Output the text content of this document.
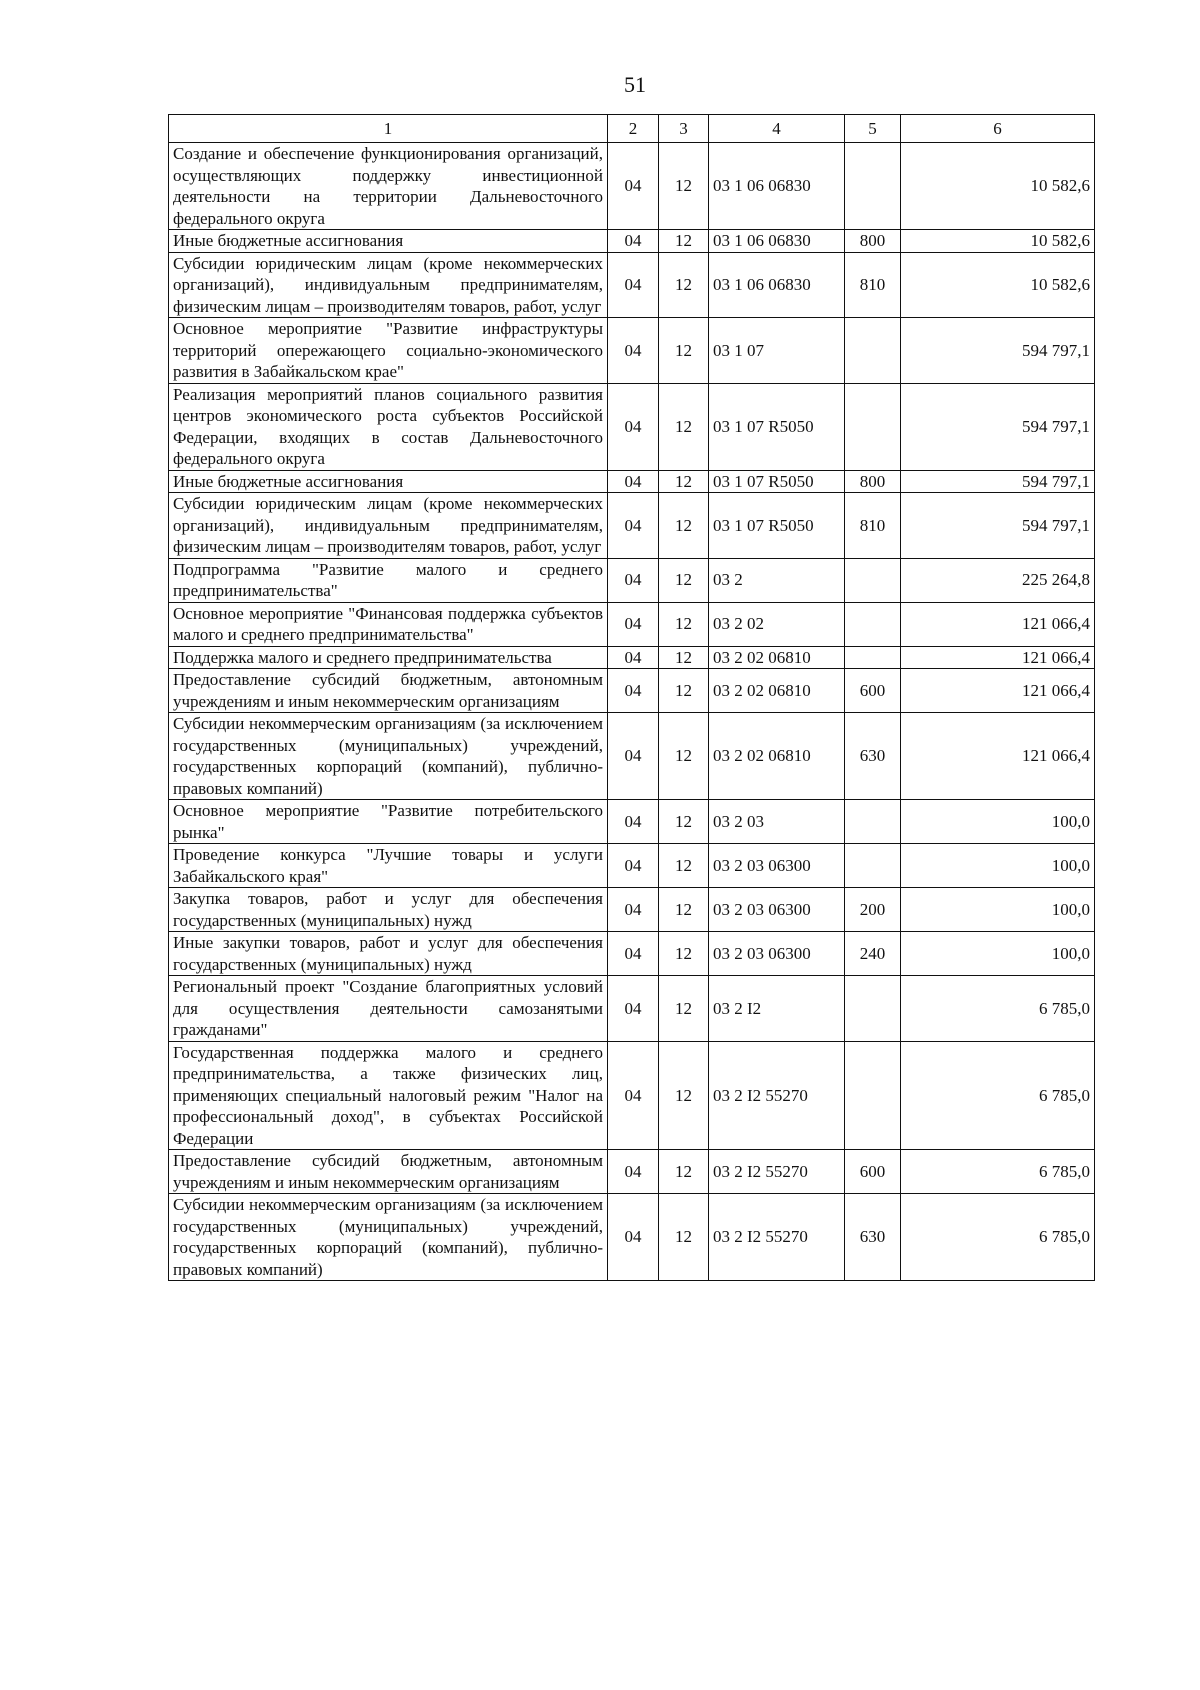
51
1	2	3	4	5	6
Создание и обеспечение функционирования организаций, осуществляющих поддержку инвестиционной деятельности на территории Дальневосточного федерального округа	04	12	03 1 06 06830		10 582,6
Иные бюджетные ассигнования	04	12	03 1 06 06830	800	10 582,6
Субсидии юридическим лицам (кроме некоммерческих организаций), индивидуальным предпринимателям, физическим лицам – производителям товаров, работ, услуг	04	12	03 1 06 06830	810	10 582,6
Основное мероприятие "Развитие инфраструктуры территорий опережающего социально-экономического развития в Забайкальском крае"	04	12	03 1 07		594 797,1
Реализация мероприятий планов социального развития центров экономического роста субъектов Российской Федерации, входящих в состав Дальневосточного федерального округа	04	12	03 1 07 R5050		594 797,1
Иные бюджетные ассигнования	04	12	03 1 07 R5050	800	594 797,1
Субсидии юридическим лицам (кроме некоммерческих организаций), индивидуальным предпринимателям, физическим лицам – производителям товаров, работ, услуг	04	12	03 1 07 R5050	810	594 797,1
Подпрограмма "Развитие малого и среднего предпринимательства"	04	12	03 2		225 264,8
Основное мероприятие "Финансовая поддержка субъектов малого и среднего предпринимательства"	04	12	03 2 02		121 066,4
Поддержка малого и среднего предпринимательства	04	12	03 2 02 06810		121 066,4
Предоставление субсидий бюджетным, автономным учреждениям и иным некоммерческим организациям	04	12	03 2 02 06810	600	121 066,4
Субсидии некоммерческим организациям (за исключением государственных (муниципальных) учреждений, государственных корпораций (компаний), публично-правовых компаний)	04	12	03 2 02 06810	630	121 066,4
Основное мероприятие "Развитие потребительского рынка"	04	12	03 2 03		100,0
Проведение конкурса "Лучшие товары и услуги Забайкальского края"	04	12	03 2 03 06300		100,0
Закупка товаров, работ и услуг для обеспечения государственных (муниципальных) нужд	04	12	03 2 03 06300	200	100,0
Иные закупки товаров, работ и услуг для обеспечения государственных (муниципальных) нужд	04	12	03 2 03 06300	240	100,0
Региональный проект "Создание благоприятных условий для осуществления деятельности самозанятыми гражданами"	04	12	03 2 I2		6 785,0
Государственная поддержка малого и среднего предпринимательства, а также физических лиц, применяющих специальный налоговый режим "Налог на профессиональный доход", в субъектах Российской Федерации	04	12	03 2 I2 55270		6 785,0
Предоставление субсидий бюджетным, автономным учреждениям и иным некоммерческим организациям	04	12	03 2 I2 55270	600	6 785,0
Субсидии некоммерческим организациям (за исключением государственных (муниципальных) учреждений, государственных корпораций (компаний), публично-правовых компаний)	04	12	03 2 I2 55270	630	6 785,0
